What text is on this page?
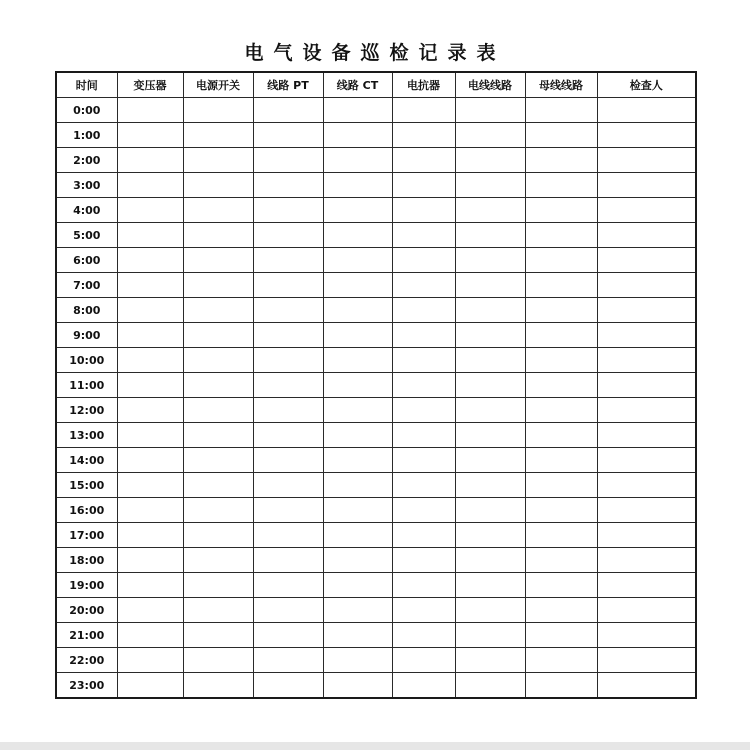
电气设备巡检记录表
时间	变压器	电源开关	线路 PT	线路 CT	电抗器	电线线路	母线线路	检查人
0:00								
1:00								
2:00								
3:00								
4:00								
5:00								
6:00								
7:00								
8:00								
9:00								
10:00								
11:00								
12:00								
13:00								
14:00								
15:00								
16:00								
17:00								
18:00								
19:00								
20:00								
21:00								
22:00								
23:00								
